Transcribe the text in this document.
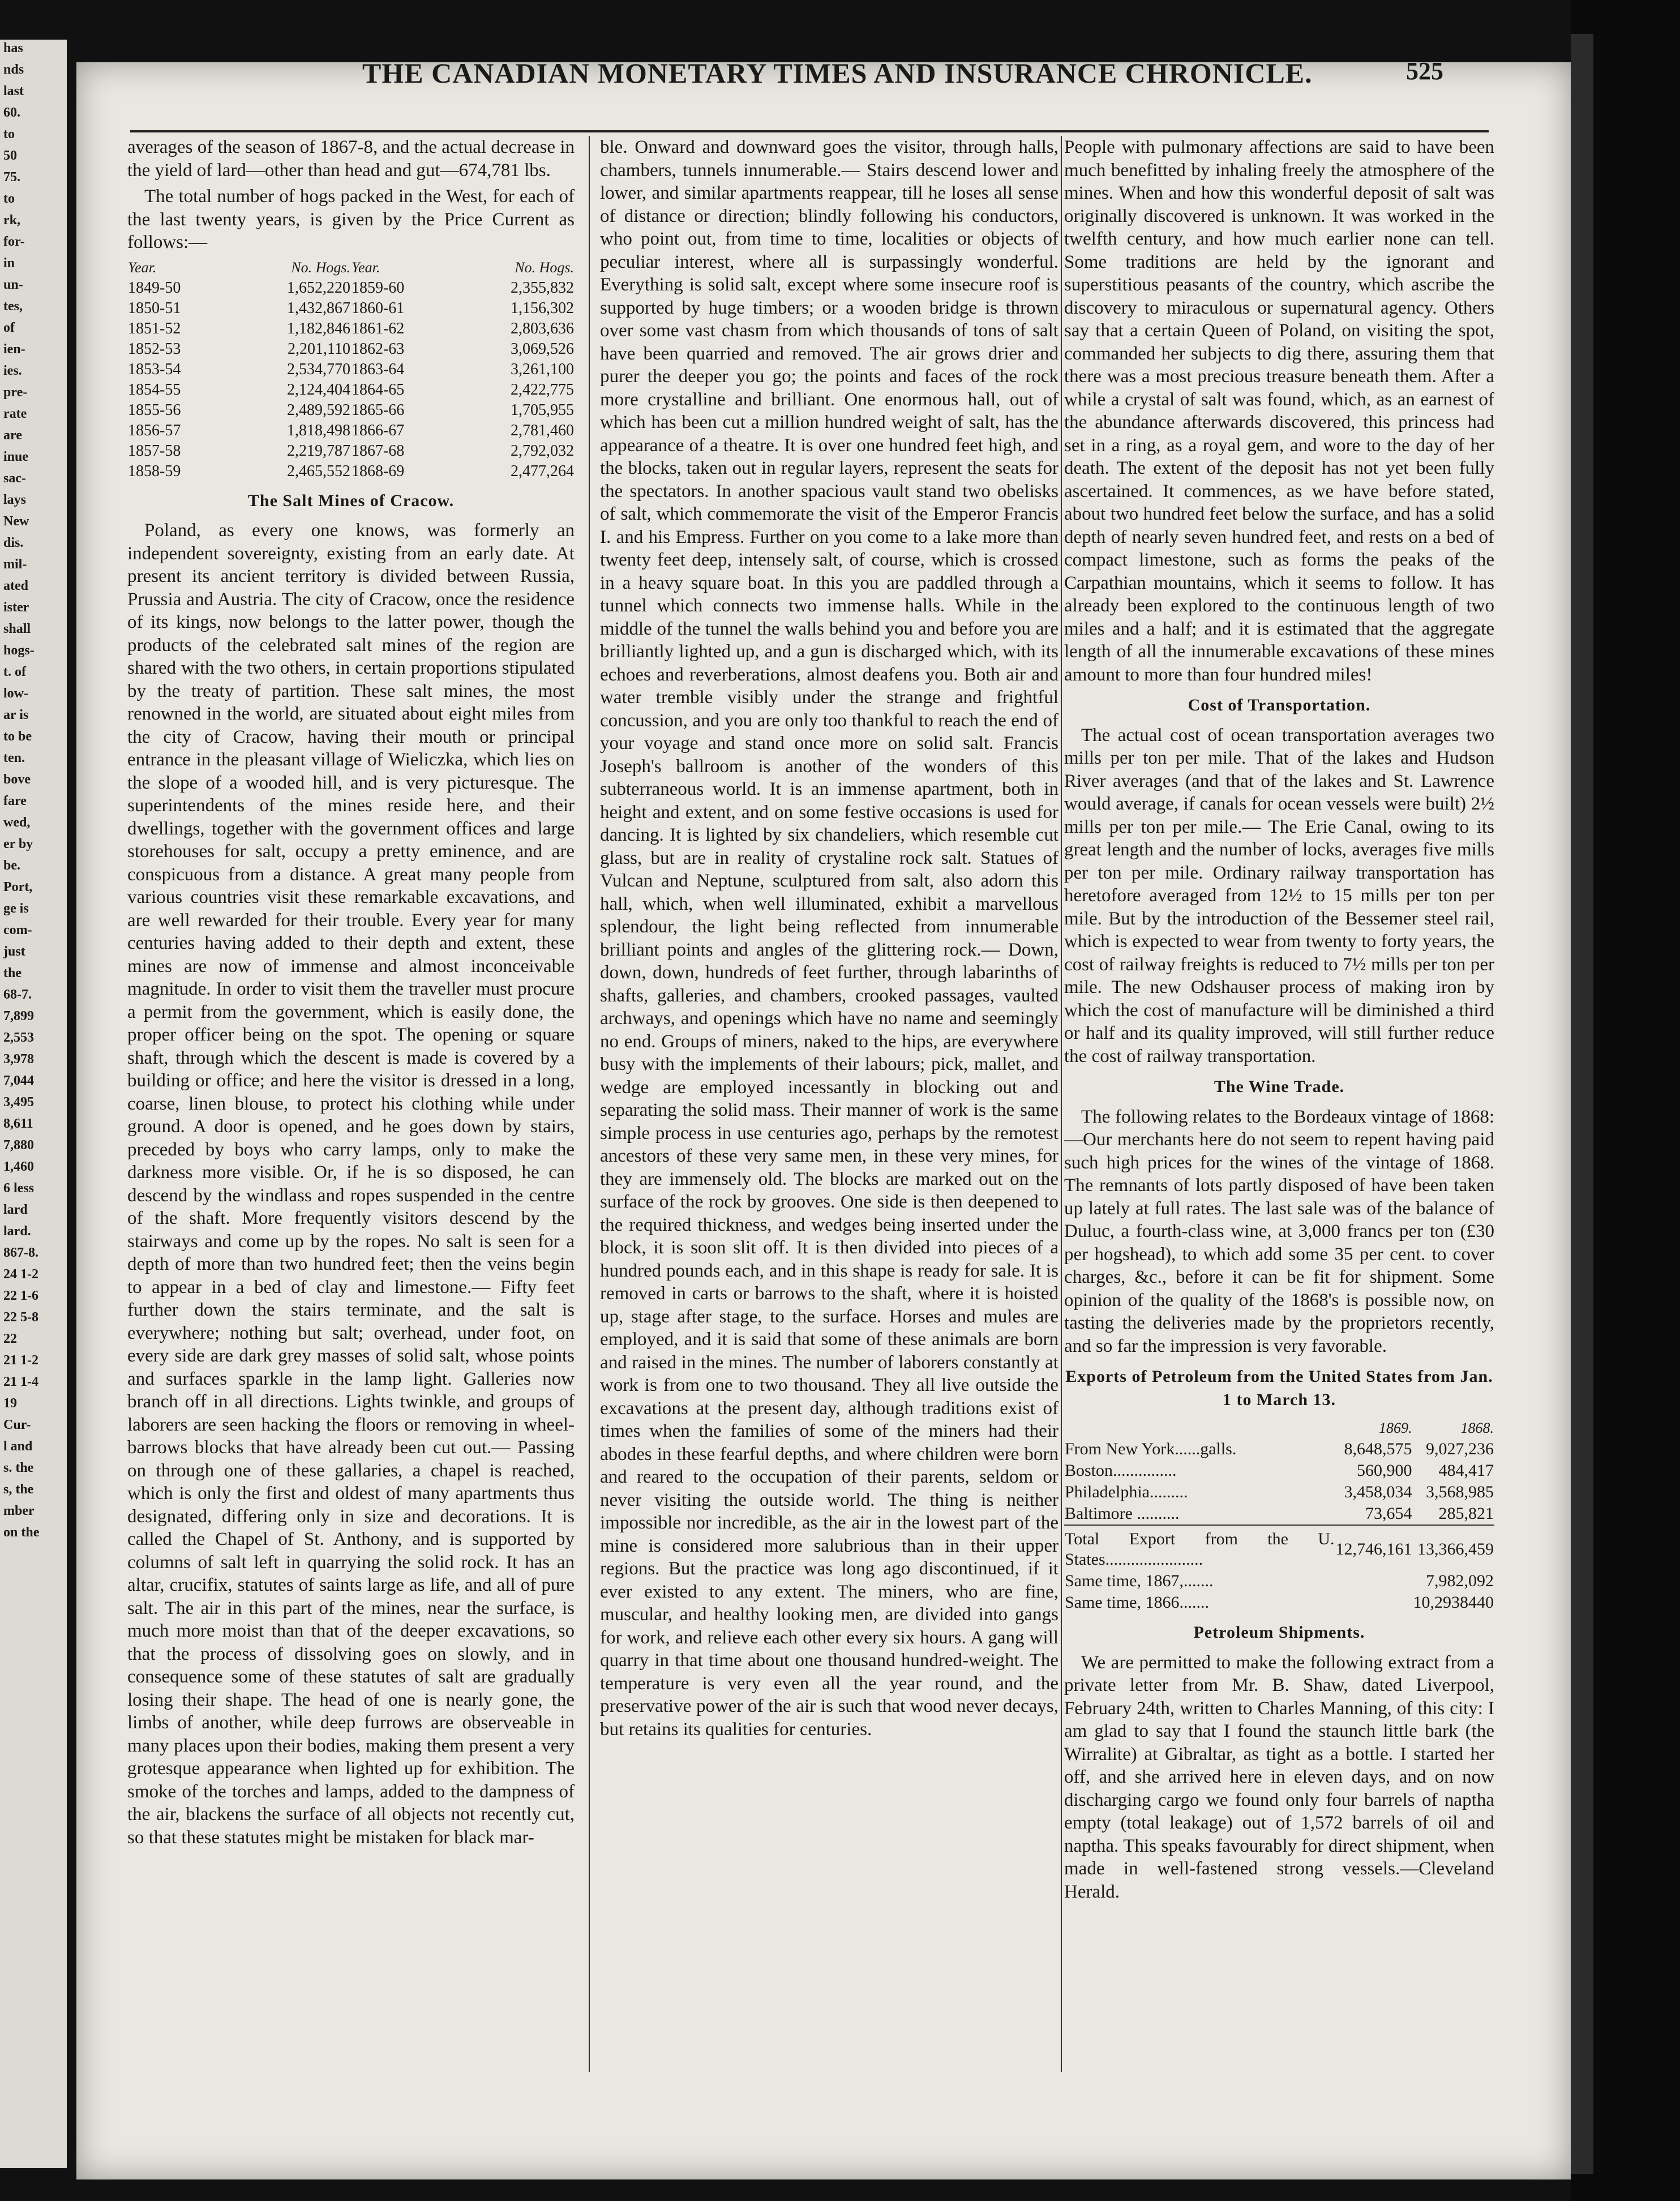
has
nds
last
60.
to
50
75.
to
rk,
for-
in
un-
tes,
of
ien-
ies.
pre-
rate
are
inue
sac-
lays
New
dis.
mil-
ated
ister
shall
hogs-
t. of
low-
ar is
to be
ten.
bove
fare
wed,
er by
be.
Port,
ge is
com-
just
the
68-7.
7,899
2,553
3,978
7,044
3,495
8,611
7,880
1,460
6 less
lard
lard.
867-8.
24 1-2
22 1-6
22 5-8
22
21 1-2
21 1-4
19
Cur-
l and
s. the
s, the
mber
on the
THE CANADIAN MONETARY TIMES AND INSURANCE CHRONICLE.	525

averages of the season of 1867-8, and the actual decrease in the yield of lard—other than head and gut—674,781 lbs.

The total number of hogs packed in the West, for each of the last twenty years, is given by the Price Current as follows:—

Year.	No. Hogs.	Year.	No. Hogs.
1849-50	1,652,220	1859-60	2,355,832
1850-51	1,432,867	1860-61	1,156,302
1851-52	1,182,846	1861-62	2,803,636
1852-53	2,201,110	1862-63	3,069,526
1853-54	2,534,770	1863-64	3,261,100
1854-55	2,124,404	1864-65	2,422,775
1855-56	2,489,592	1865-66	1,705,955
1856-57	1,818,498	1866-67	2,781,460
1857-58	2,219,787	1867-68	2,792,032
1858-59	2,465,552	1868-69	2,477,264
The Salt Mines of Cracow.

Poland, as every one knows, was formerly an independent sovereignty, existing from an early date. At present its ancient territory is divided between Russia, Prussia and Austria. The city of Cracow, once the residence of its kings, now belongs to the latter power, though the products of the celebrated salt mines of the region are shared with the two others, in certain proportions stipulated by the treaty of partition. These salt mines, the most renowned in the world, are situated about eight miles from the city of Cracow, having their mouth or principal entrance in the pleasant village of Wieliczka, which lies on the slope of a wooded hill, and is very picturesque. The superintendents of the mines reside here, and their dwellings, together with the government offices and large storehouses for salt, occupy a pretty eminence, and are conspicuous from a distance. A great many people from various countries visit these remarkable excavations, and are well rewarded for their trouble. Every year for many centuries having added to their depth and extent, these mines are now of immense and almost inconceivable magnitude. In order to visit them the traveller must procure a permit from the government, which is easily done, the proper officer being on the spot. The opening or square shaft, through which the descent is made is covered by a building or office; and here the visitor is dressed in a long, coarse, linen blouse, to protect his clothing while under ground. A door is opened, and he goes down by stairs, preceded by boys who carry lamps, only to make the darkness more visible. Or, if he is so disposed, he can descend by the windlass and ropes suspended in the centre of the shaft. More frequently visitors descend by the stairways and come up by the ropes. No salt is seen for a depth of more than two hundred feet; then the veins begin to appear in a bed of clay and limestone.— Fifty feet further down the stairs terminate, and the salt is everywhere; nothing but salt; overhead, under foot, on every side are dark grey masses of solid salt, whose points and surfaces sparkle in the lamp light. Galleries now branch off in all directions. Lights twinkle, and groups of laborers are seen hacking the floors or removing in wheel-barrows blocks that have already been cut out.— Passing on through one of these gallaries, a chapel is reached, which is only the first and oldest of many apartments thus designated, differing only in size and decorations. It is called the Chapel of St. Anthony, and is supported by columns of salt left in quarrying the solid rock. It has an altar, crucifix, statutes of saints large as life, and all of pure salt. The air in this part of the mines, near the surface, is much more moist than that of the deeper excavations, so that the process of dissolving goes on slowly, and in consequence some of these statutes of salt are gradually losing their shape. The head of one is nearly gone, the limbs of another, while deep furrows are observeable in many places upon their bodies, making them present a very grotesque appearance when lighted up for exhibition. The smoke of the torches and lamps, added to the dampness of the air, blackens the surface of all objects not recently cut, so that these statutes might be mistaken for black mar-

ble. Onward and downward goes the visitor, through halls, chambers, tunnels innumerable.— Stairs descend lower and lower, and similar apartments reappear, till he loses all sense of distance or direction; blindly following his conductors, who point out, from time to time, localities or objects of peculiar interest, where all is surpassingly wonderful. Everything is solid salt, except where some insecure roof is supported by huge timbers; or a wooden bridge is thrown over some vast chasm from which thousands of tons of salt have been quarried and removed. The air grows drier and purer the deeper you go; the points and faces of the rock more crystalline and brilliant. One enormous hall, out of which has been cut a million hundred weight of salt, has the appearance of a theatre. It is over one hundred feet high, and the blocks, taken out in regular layers, represent the seats for the spectators. In another spacious vault stand two obelisks of salt, which commemorate the visit of the Emperor Francis I. and his Empress. Further on you come to a lake more than twenty feet deep, intensely salt, of course, which is crossed in a heavy square boat. In this you are paddled through a tunnel which connects two immense halls. While in the middle of the tunnel the walls behind you and before you are brilliantly lighted up, and a gun is discharged which, with its echoes and reverberations, almost deafens you. Both air and water tremble visibly under the strange and frightful concussion, and you are only too thankful to reach the end of your voyage and stand once more on solid salt. Francis Joseph's ballroom is another of the wonders of this subterraneous world. It is an immense apartment, both in height and extent, and on some festive occasions is used for dancing. It is lighted by six chandeliers, which resemble cut glass, but are in reality of crystaline rock salt. Statues of Vulcan and Neptune, sculptured from salt, also adorn this hall, which, when well illuminated, exhibit a marvellous splendour, the light being reflected from innumerable brilliant points and angles of the glittering rock.— Down, down, down, hundreds of feet further, through labarinths of shafts, galleries, and chambers, crooked passages, vaulted archways, and openings which have no name and seemingly no end. Groups of miners, naked to the hips, are everywhere busy with the implements of their labours; pick, mallet, and wedge are employed incessantly in blocking out and separating the solid mass. Their manner of work is the same simple process in use centuries ago, perhaps by the remotest ancestors of these very same men, in these very mines, for they are immensely old. The blocks are marked out on the surface of the rock by grooves. One side is then deepened to the required thickness, and wedges being inserted under the block, it is soon slit off. It is then divided into pieces of a hundred pounds each, and in this shape is ready for sale. It is removed in carts or barrows to the shaft, where it is hoisted up, stage after stage, to the surface. Horses and mules are employed, and it is said that some of these animals are born and raised in the mines. The number of laborers constantly at work is from one to two thousand. They all live outside the excavations at the present day, although traditions exist of times when the families of some of the miners had their abodes in these fearful depths, and where children were born and reared to the occupation of their parents, seldom or never visiting the outside world. The thing is neither impossible nor incredible, as the air in the lowest part of the mine is considered more salubrious than in their upper regions. But the practice was long ago discontinued, if it ever existed to any extent. The miners, who are fine, muscular, and healthy looking men, are divided into gangs for work, and relieve each other every six hours. A gang will quarry in that time about one thousand hundred-weight. The temperature is very even all the year round, and the preservative power of the air is such that wood never decays, but retains its qualities for centuries.

People with pulmonary affections are said to have been much benefitted by inhaling freely the atmosphere of the mines. When and how this wonderful deposit of salt was originally discovered is unknown. It was worked in the twelfth century, and how much earlier none can tell. Some traditions are held by the ignorant and superstitious peasants of the country, which ascribe the discovery to miraculous or supernatural agency. Others say that a certain Queen of Poland, on visiting the spot, commanded her subjects to dig there, assuring them that there was a most precious treasure beneath them. After a while a crystal of salt was found, which, as an earnest of the abundance afterwards discovered, this princess had set in a ring, as a royal gem, and wore to the day of her death. The extent of the deposit has not yet been fully ascertained. It commences, as we have before stated, about two hundred feet below the surface, and has a solid depth of nearly seven hundred feet, and rests on a bed of compact limestone, such as forms the peaks of the Carpathian mountains, which it seems to follow. It has already been explored to the continuous length of two miles and a half; and it is estimated that the aggregate length of all the innumerable excavations of these mines amount to more than four hundred miles!

Cost of Transportation.

The actual cost of ocean transportation averages two mills per ton per mile. That of the lakes and Hudson River averages (and that of the lakes and St. Lawrence would average, if canals for ocean vessels were built) 2½ mills per ton per mile.— The Erie Canal, owing to its great length and the number of locks, averages five mills per ton per mile. Ordinary railway transportation has heretofore averaged from 12½ to 15 mills per ton per mile. But by the introduction of the Bessemer steel rail, which is expected to wear from twenty to forty years, the cost of railway freights is reduced to 7½ mills per ton per mile. The new Odshauser process of making iron by which the cost of manufacture will be diminished a third or half and its quality improved, will still further reduce the cost of railway transportation.

The Wine Trade.

The following relates to the Bordeaux vintage of 1868:—Our merchants here do not seem to repent having paid such high prices for the wines of the vintage of 1868. The remnants of lots partly disposed of have been taken up lately at full rates. The last sale was of the balance of Duluc, a fourth-class wine, at 3,000 francs per ton (£30 per hogshead), to which add some 35 per cent. to cover charges, &c., before it can be fit for shipment. Some opinion of the quality of the 1868's is possible now, on tasting the deliveries made by the proprietors recently, and so far the impression is very favorable.

Exports of Petroleum from the United States from Jan. 1 to March 13.
	1869.	1868.
From New York......galls.	8,648,575	9,027,236
Boston...............	560,900	484,417
Philadelphia.........	3,458,034	3,568,985
Baltimore ..........	73,654	285,821
Total Export from the U. States.......................	12,746,161	13,366,459
Same time, 1867,.......		7,982,092
Same time, 1866.......		10,2938440
Petroleum Shipments.

We are permitted to make the following extract from a private letter from Mr. B. Shaw, dated Liverpool, February 24th, written to Charles Manning, of this city: I am glad to say that I found the staunch little bark (the Wirralite) at Gibraltar, as tight as a bottle. I started her off, and she arrived here in eleven days, and on now discharging cargo we found only four barrels of naptha empty (total leakage) out of 1,572 barrels of oil and naptha. This speaks favourably for direct shipment, when made in well-fastened strong vessels.—Cleveland Herald.
